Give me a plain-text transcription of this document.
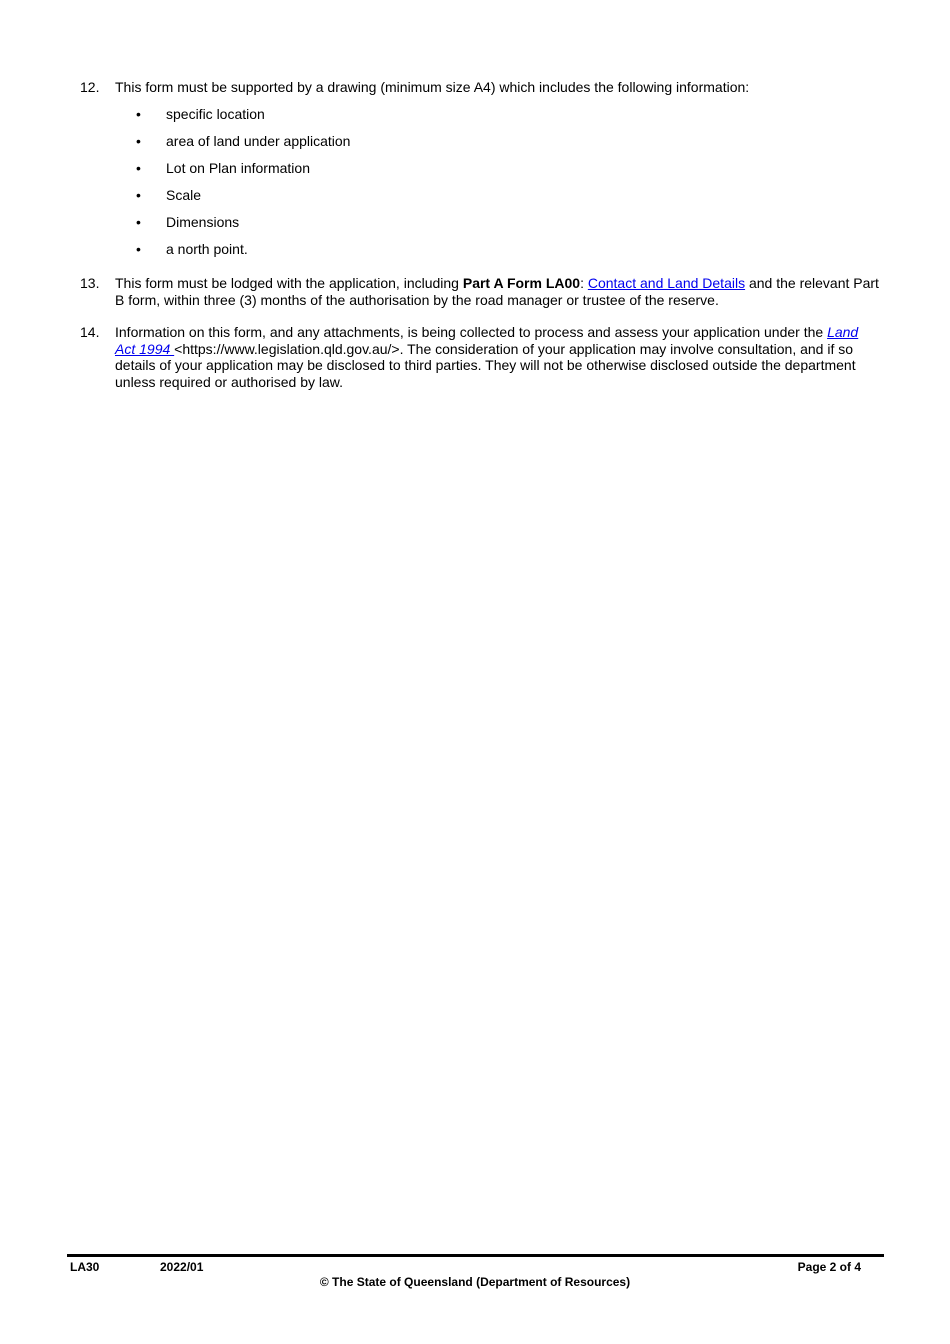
12. This form must be supported by a drawing (minimum size A4) which includes the following information:
• specific location
• area of land under application
• Lot on Plan information
• Scale
• Dimensions
• a north point.
13. This form must be lodged with the application, including Part A Form LA00: Contact and Land Details and the relevant Part B form, within three (3) months of the authorisation by the road manager or trustee of the reserve.
14. Information on this form, and any attachments, is being collected to process and assess your application under the Land Act 1994 <https://www.legislation.qld.gov.au/>. The consideration of your application may involve consultation, and if so details of your application may be disclosed to third parties. They will not be otherwise disclosed outside the department unless required or authorised by law.
LA30	2022/01	Page 2 of 4
© The State of Queensland (Department of Resources)
